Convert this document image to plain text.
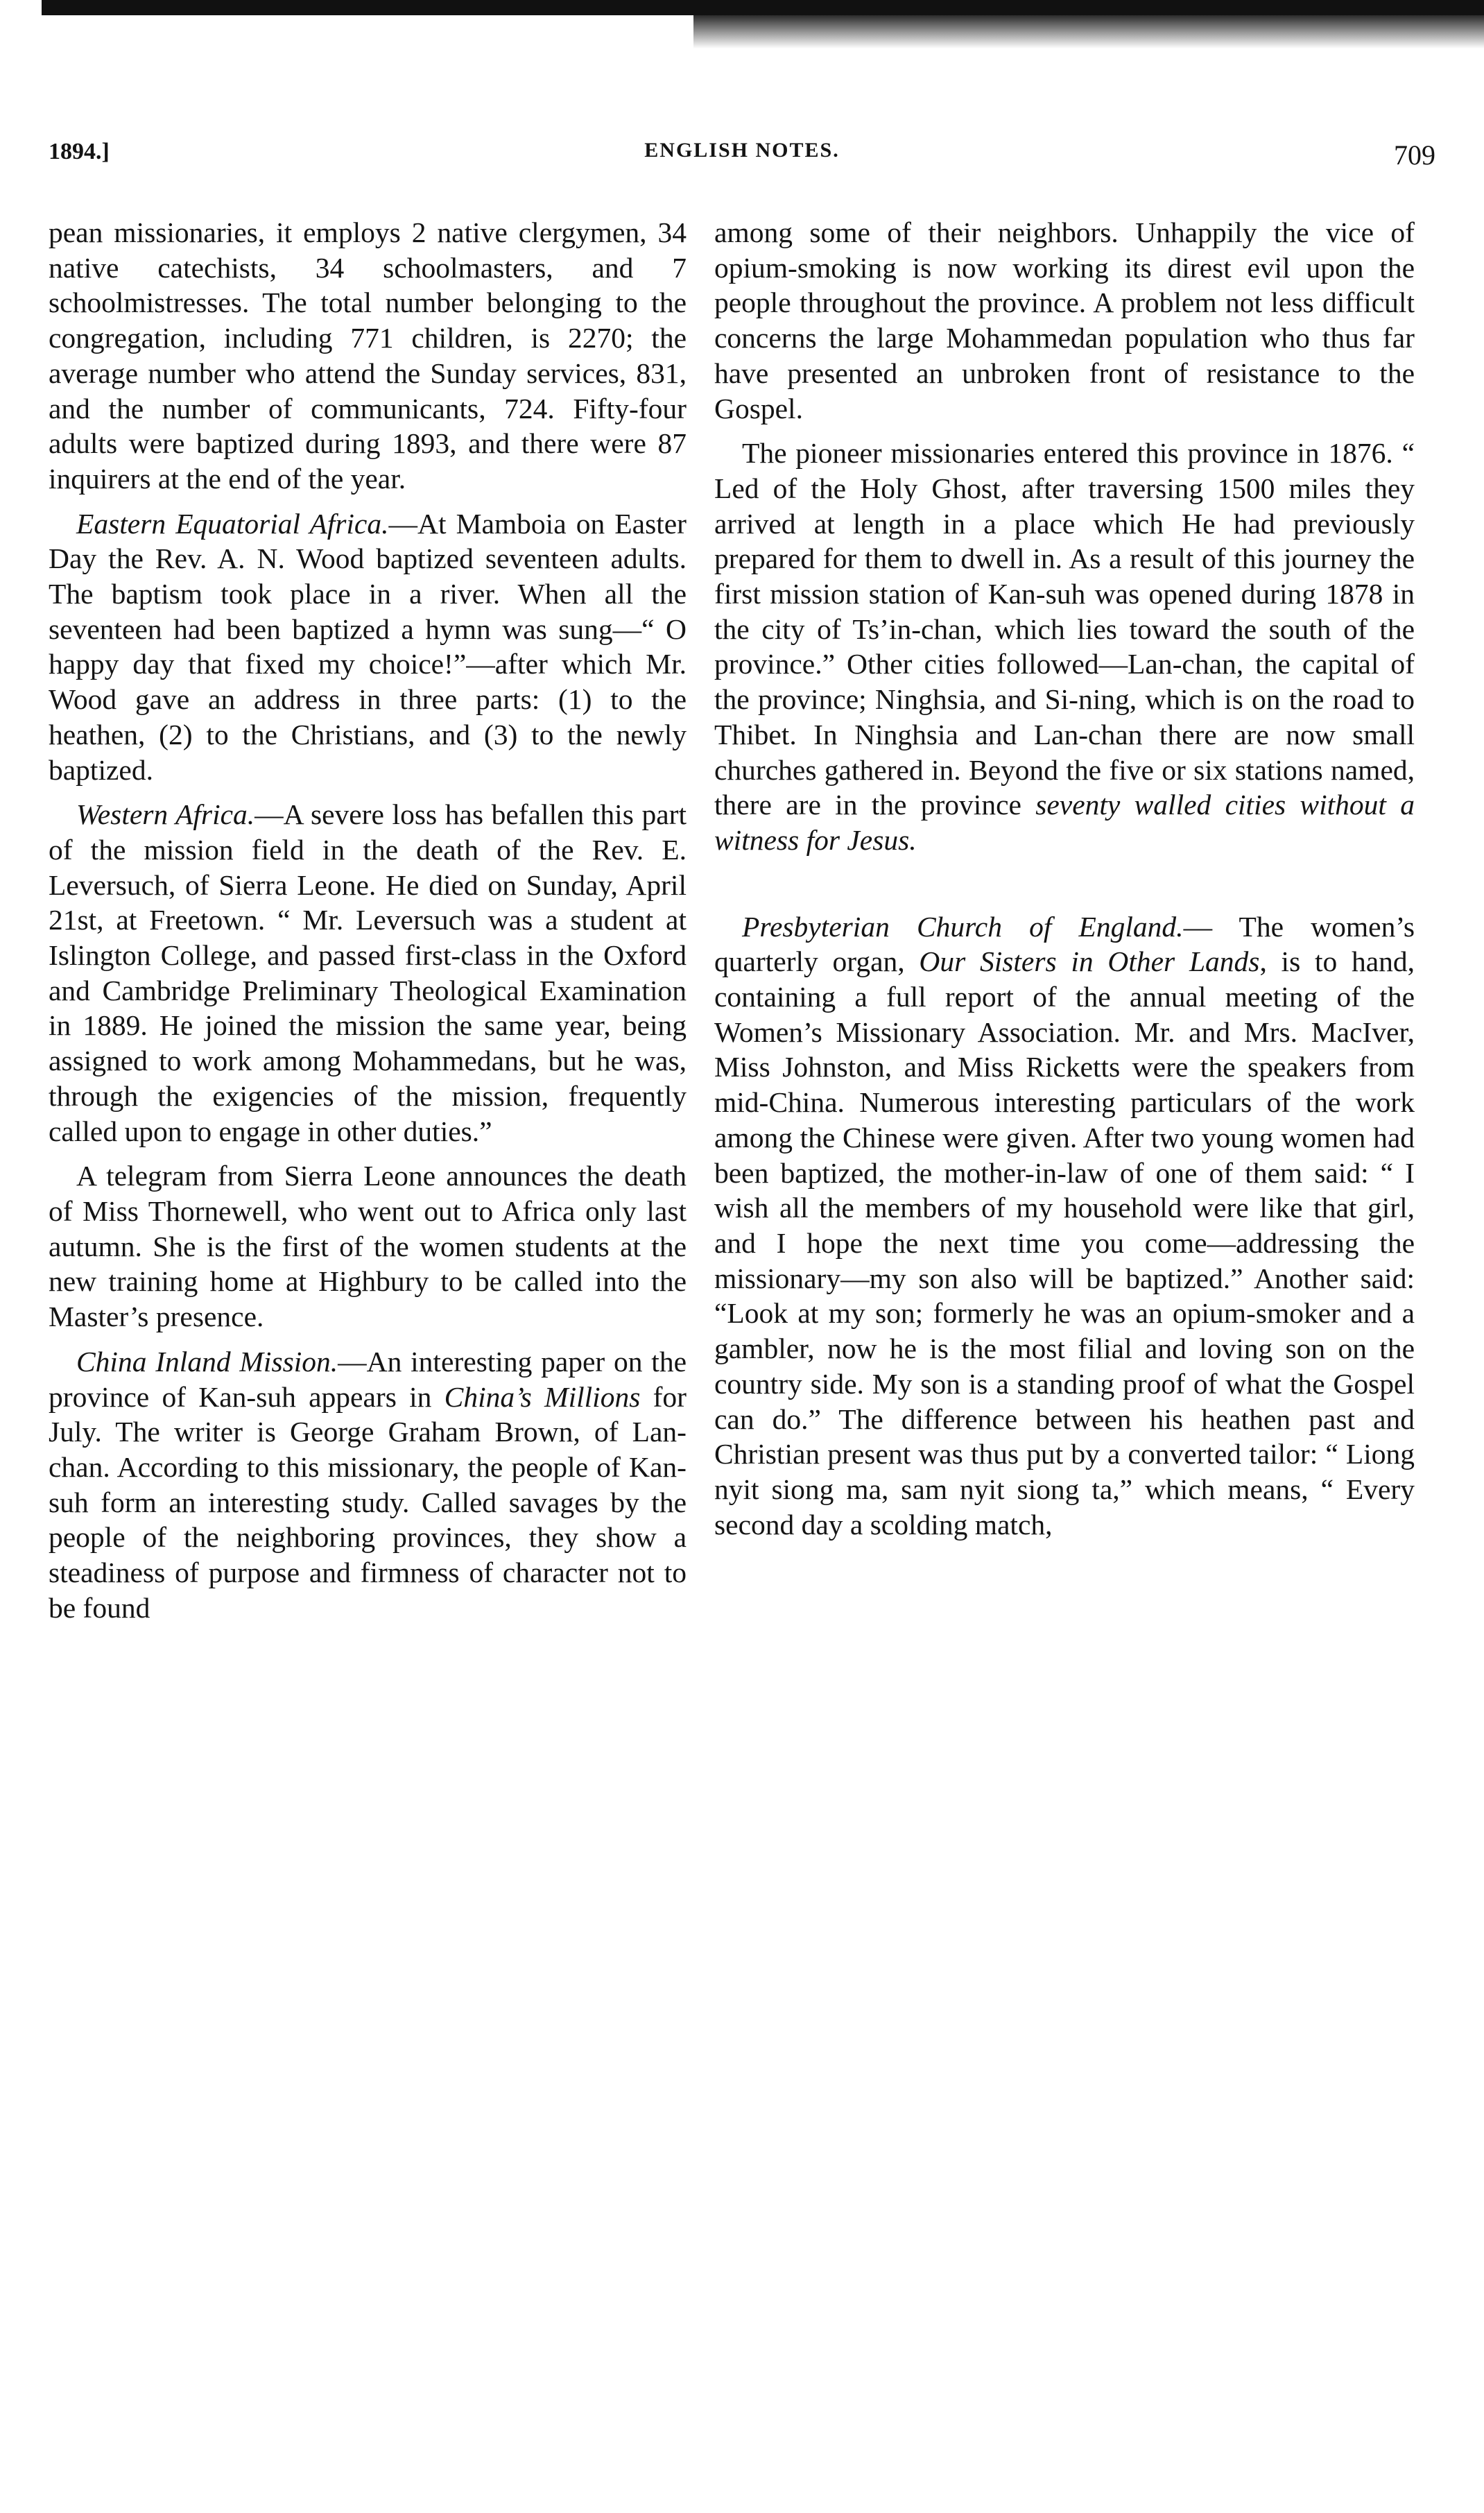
1894.]	ENGLISH NOTES.	709

pean missionaries, it employs 2 native clergymen, 34 native catechists, 34 schoolmasters, and 7 schoolmistresses. The total number belonging to the congregation, including 771 children, is 2270; the average number who attend the Sunday services, 831, and the number of communicants, 724. Fifty-four adults were baptized during 1893, and there were 87 inquirers at the end of the year.

Eastern Equatorial Africa.—At Mamboia on Easter Day the Rev. A. N. Wood baptized seventeen adults. The baptism took place in a river. When all the seventeen had been baptized a hymn was sung—“ O happy day that fixed my choice!”—after which Mr. Wood gave an address in three parts: (1) to the heathen, (2) to the Christians, and (3) to the newly baptized.

Western Africa.—A severe loss has befallen this part of the mission field in the death of the Rev. E. Leversuch, of Sierra Leone. He died on Sunday, April 21st, at Freetown. “ Mr. Leversuch was a student at Islington College, and passed first-class in the Oxford and Cambridge Preliminary Theological Examination in 1889. He joined the mission the same year, being assigned to work among Mohammedans, but he was, through the exigencies of the mission, frequently called upon to engage in other duties.”

A telegram from Sierra Leone announces the death of Miss Thornewell, who went out to Africa only last autumn. She is the first of the women students at the new training home at Highbury to be called into the Master’s presence.

China Inland Mission.—An interesting paper on the province of Kan-suh appears in China’s Millions for July. The writer is George Graham Brown, of Lan-chan. According to this missionary, the people of Kan-suh form an interesting study. Called savages by the people of the neighboring provinces, they show a steadiness of purpose and firmness of character not to be found

among some of their neighbors. Unhappily the vice of opium-smoking is now working its direst evil upon the people throughout the province. A problem not less difficult concerns the large Mohammedan population who thus far have presented an unbroken front of resistance to the Gospel.

The pioneer missionaries entered this province in 1876. “ Led of the Holy Ghost, after traversing 1500 miles they arrived at length in a place which He had previously prepared for them to dwell in. As a result of this journey the first mission station of Kan-suh was opened during 1878 in the city of Ts’in-chan, which lies toward the south of the province.” Other cities followed—Lan-chan, the capital of the province; Ninghsia, and Si-ning, which is on the road to Thibet. In Ninghsia and Lan-chan there are now small churches gathered in. Beyond the five or six stations named, there are in the province seventy walled cities without a witness for Jesus.

Presbyterian Church of England.— The women’s quarterly organ, Our Sisters in Other Lands, is to hand, containing a full report of the annual meeting of the Women’s Missionary Association. Mr. and Mrs. MacIver, Miss Johnston, and Miss Ricketts were the speakers from mid-China. Numerous interesting particulars of the work among the Chinese were given. After two young women had been baptized, the mother-in-law of one of them said: “ I wish all the members of my household were like that girl, and I hope the next time you come—addressing the missionary—my son also will be baptized.” Another said: “Look at my son; formerly he was an opium-smoker and a gambler, now he is the most filial and loving son on the country side. My son is a standing proof of what the Gospel can do.” The difference between his heathen past and Christian present was thus put by a converted tailor: “ Liong nyit siong ma, sam nyit siong ta,” which means, “ Every second day a scolding match,
